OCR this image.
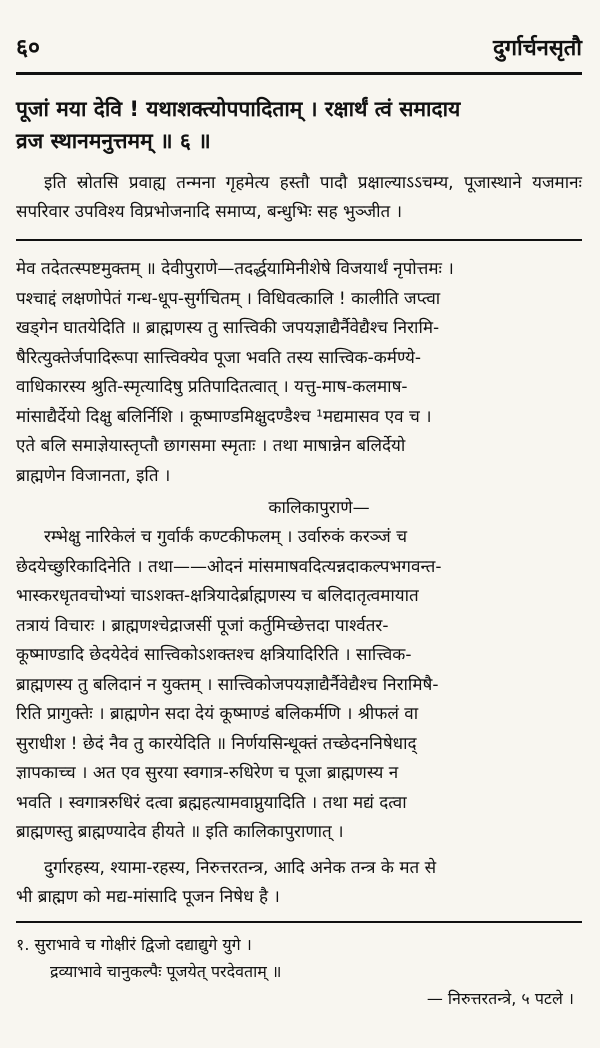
६०	दुर्गार्चनसृतौ
पूजां मया देवि ! यथाशक्त्योपपादिताम् । रक्षार्थं त्वं समादाय
व्रज स्थानमनुत्तमम् ॥ ६ ॥
इति स्रोतसि प्रवाह्य तन्मना गृहमेत्य हस्तौ पादौ प्रक्षाल्याऽऽचम्य, पूजास्थाने यजमानः सपरिवार उपविश्य विप्रभोजनादि समाप्य, बन्धुभिः सह भुञ्जीत ।
मेव तदेतत्स्पष्टमुक्तम् ॥ देवीपुराणे—तदर्द्धयामिनीशेषे विजयार्थं नृपोत्तमः ।
पश्चाद्दं लक्षणोपेतं गन्ध-धूप-सुर्गचितम् । विधिवत्कालि ! कालीति जप्त्वा
खड्गेन घातयेदिति ॥ ब्राह्मणस्य तु सात्त्विकी जपयज्ञाद्यैर्नैवेद्यैश्च निरामि-
षैरित्युक्तेर्जपादिरूपा सात्त्विक्येव पूजा भवति तस्य सात्त्विक-कर्मण्ये-
वाधिकारस्य श्रुति-स्मृत्यादिषु प्रतिपादितत्वात् । यत्तु-माष-कलमाष-
मांसाद्यैर्देयो दिक्षु बलिर्निशि । कूष्माण्डमिक्षुदण्डैश्च ¹मद्यमासव एव च ।
एते बलि समाज्ञेयास्तृप्तौ छागसमा स्मृताः । तथा माषान्नेन बलिर्देयो
ब्राह्मणेन विजानता, इति ।
कालिकापुराणे—
रम्भेक्षु नारिकेलं च गुर्वार्कं कण्टकीफलम् । उर्वारुकं करञ्जं च
छेदयेच्छुरिकादिनेति । तथा——ओदनं मांसमाषवदित्यन्नदाकल्पभगवन्त-
भास्करधृतवचोभ्यां चाऽशक्त-क्षत्रियादेर्ब्राह्मणस्य च बलिदातृत्वमायात
तत्रायं विचारः । ब्राह्मणश्चेद्राजसीं पूजां कर्तुमिच्छेत्तदा पार्श्वतर-
कूष्माण्डादि छेदयेदेवं सात्त्विकोऽशक्तश्च क्षत्रियादिरिति । सात्त्विक-
ब्राह्मणस्य तु बलिदानं न युक्तम् । सात्त्विकोजपयज्ञाद्यैर्नैवेद्यैश्च निरामिषै-
रिति प्रागुक्तेः । ब्राह्मणेन सदा देयं कूष्माण्डं बलिकर्मणि । श्रीफलं वा
सुराधीश ! छेदं नैव तु कारयेदिति ॥ निर्णयसिन्धूक्तं तच्छेदननिषेधाद्
ज्ञापकाच्च । अत एव सुरया स्वगात्र-रुधिरेण च पूजा ब्राह्मणस्य न
भवति । स्वगात्ररुधिरं दत्वा ब्रह्महत्यामवाप्नुयादिति । तथा मद्यं दत्वा
ब्राह्मणस्तु ब्राह्मण्यादेव हीयते ॥ इति कालिकापुराणात् ।
दुर्गारहस्य, श्यामा-रहस्य, निरुत्तरतन्त्र, आदि अनेक तन्त्र के मत से
भी ब्राह्मण को मद्य-मांसादि पूजन निषेध है ।
१. सुराभावे च गोक्षीरं द्विजो दद्याद्युगे युगे ।
द्रव्याभावे चानुकल्पैः पूजयेत् परदेवताम् ॥
— निरुत्तरतन्त्रे, ५ पटले ।
